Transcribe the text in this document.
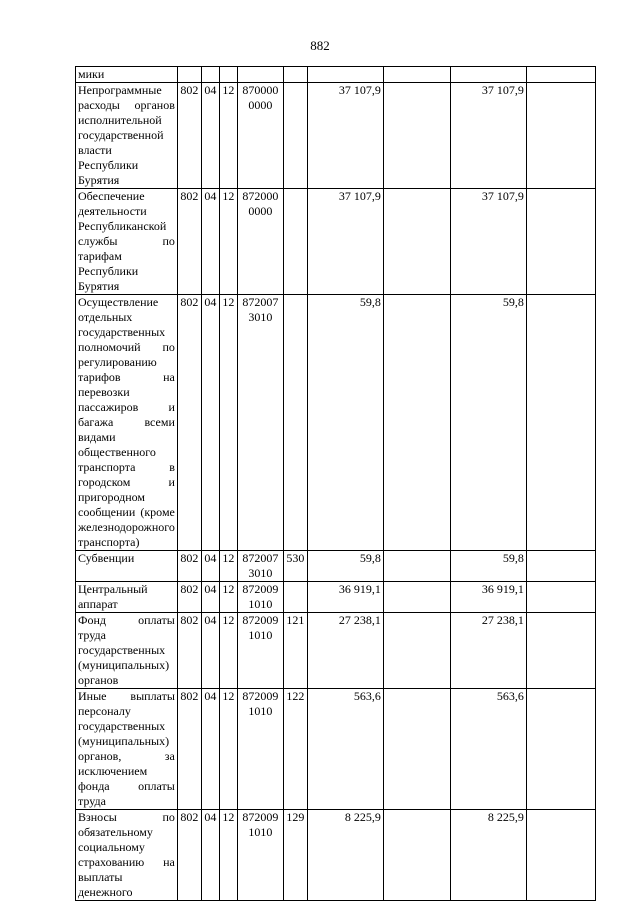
882
мики									
Непрограммные расходы органов исполнительной государственной власти Республики Бурятия	802	04	12	870000 0000		37 107,9		37 107,9	
Обеспечение деятельности Республиканской службы по тарифам Республики Бурятия	802	04	12	872000 0000		37 107,9		37 107,9	
Осуществление отдельных государственных полномочий по регулированию тарифов на перевозки пассажиров и багажа всеми видами общественного транспорта в городском и пригородном сообщении (кроме железнодорожного транспорта)	802	04	12	872007 3010		59,8		59,8	
Субвенции	802	04	12	872007 3010	530	59,8		59,8	
Центральный аппарат	802	04	12	872009 1010		36 919,1		36 919,1	
Фонд оплаты труда государственных (муниципальных) органов	802	04	12	872009 1010	121	27 238,1		27 238,1	
Иные выплаты персоналу государственных (муниципальных) органов, за исключением фонда оплаты труда	802	04	12	872009 1010	122	563,6		563,6	
Взносы по обязательному социальному страхованию на выплаты денежного	802	04	12	872009 1010	129	8 225,9		8 225,9	
